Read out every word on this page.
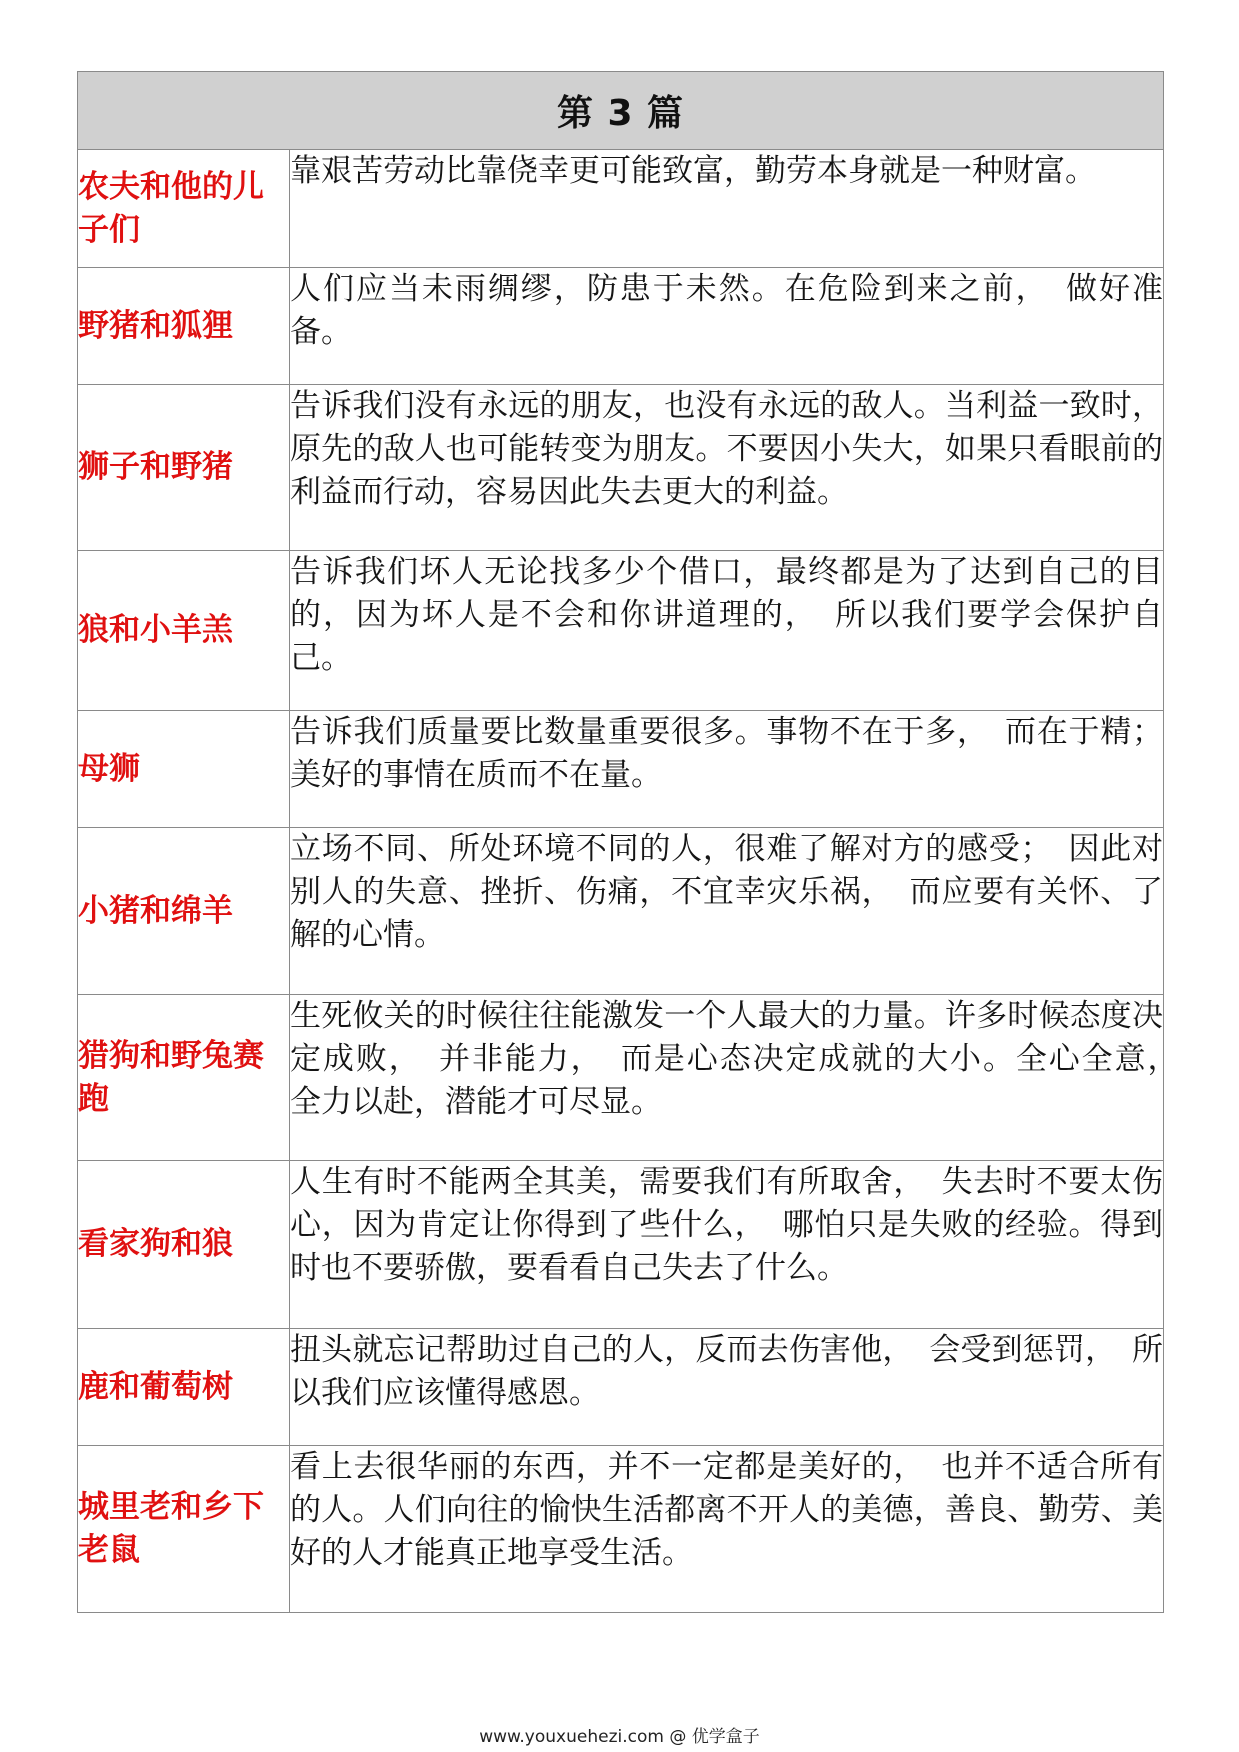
第 3 篇	
农夫和他的儿子们	靠艰苦劳动比靠侥幸更可能致富，勤劳本身就是一种财富。
野猪和狐狸	人们应当未雨绸缪，防患于未然。在危险到来之前，　做好准备。
狮子和野猪	告诉我们没有永远的朋友，也没有永远的敌人。当利益一致时，原先的敌人也可能转变为朋友。不要因小失大，如果只看眼前的利益而行动，容易因此失去更大的利益。
狼和小羊羔	告诉我们坏人无论找多少个借口，最终都是为了达到自己的目的，因为坏人是不会和你讲道理的，　所以我们要学会保护自己。
母狮	告诉我们质量要比数量重要很多。事物不在于多，　而在于精；美好的事情在质而不在量。
小猪和绵羊	立场不同、所处环境不同的人，很难了解对方的感受；　因此对别人的失意、挫折、伤痛，不宜幸灾乐祸，　而应要有关怀、了解的心情。
猎狗和野兔赛跑	生死攸关的时候往往能激发一个人最大的力量。许多时候态度决定成败，　并非能力，　而是心态决定成就的大小。全心全意，　全力以赴，潜能才可尽显。
看家狗和狼	人生有时不能两全其美，需要我们有所取舍，　失去时不要太伤心，因为肯定让你得到了些什么，　哪怕只是失败的经验。得到时也不要骄傲，要看看自己失去了什么。
鹿和葡萄树	扭头就忘记帮助过自己的人，反而去伤害他，　会受到惩罚，　所以我们应该懂得感恩。
城里老和乡下老鼠	看上去很华丽的东西，并不一定都是美好的，　也并不适合所有的人。人们向往的愉快生活都离不开人的美德，善良、勤劳、美好的人才能真正地享受生活。
www.youxuehezi.com @ 优学盒子
